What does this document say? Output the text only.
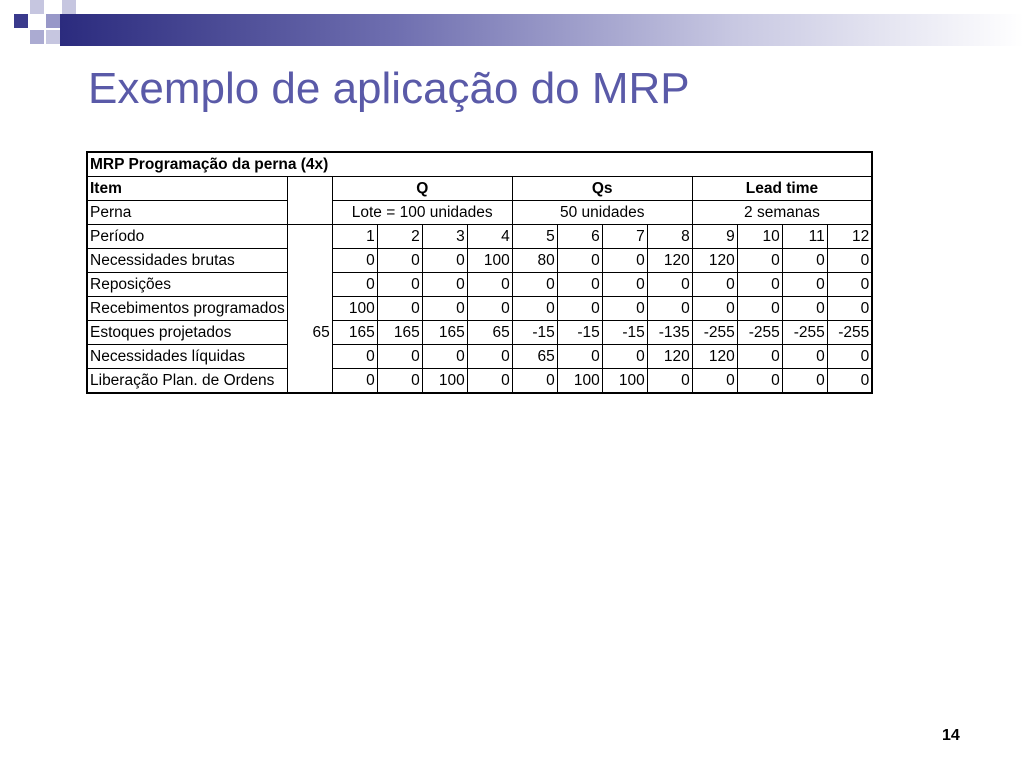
Exemplo de aplicação do MRP
MRP Programação da perna (4x)													
Item		Q				Qs				Lead time			
Perna		Lote = 100 unidades				50 unidades				2 semanas			
Período		1	2	3	4	5	6	7	8	9	10	11	12
Necessidades brutas		0	0	0	100	80	0	0	120	120	0	0	0
Reposições		0	0	0	0	0	0	0	0	0	0	0	0
Recebimentos programados		100	0	0	0	0	0	0	0	0	0	0	0
Estoques projetados	65	165	165	165	65	-15	-15	-15	-135	-255	-255	-255	-255
Necessidades líquidas		0	0	0	0	65	0	0	120	120	0	0	0
Liberação Plan. de Ordens		0	0	100	0	0	100	100	0	0	0	0	0
14
